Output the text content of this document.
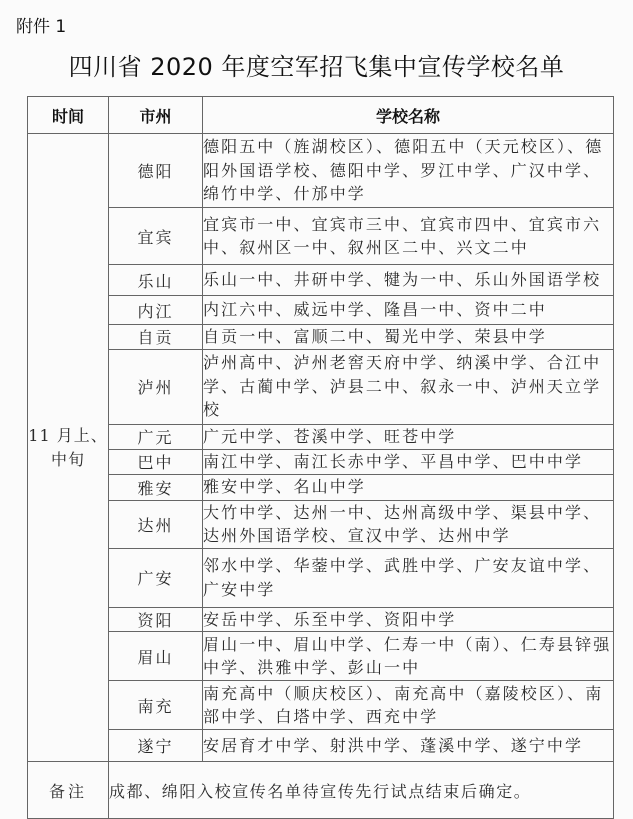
附件 1
四川省 2020 年度空军招飞集中宣传学校名单
时间	市州	学校名称
11 月上、中旬	德阳	德阳五中（旌湖校区）、德阳五中（天元校区）、德阳外国语学校、德阳中学、罗江中学、广汉中学、绵竹中学、什邡中学
	宜宾	宜宾市一中、宜宾市三中、宜宾市四中、宜宾市六中、叙州区一中、叙州区二中、兴文二中
	乐山	乐山一中、井研中学、犍为一中、乐山外国语学校
	内江	内江六中、威远中学、隆昌一中、资中二中
	自贡	自贡一中、富顺二中、蜀光中学、荣县中学
	泸州	泸州高中、泸州老窖天府中学、纳溪中学、合江中学、古蔺中学、泸县二中、叙永一中、泸州天立学校
	广元	广元中学、苍溪中学、旺苍中学
	巴中	南江中学、南江长赤中学、平昌中学、巴中中学
	雅安	雅安中学、名山中学
	达州	大竹中学、达州一中、达州高级中学、渠县中学、达州外国语学校、宣汉中学、达州中学
	广安	邻水中学、华蓥中学、武胜中学、广安友谊中学、广安中学
	资阳	安岳中学、乐至中学、资阳中学
	眉山	眉山一中、眉山中学、仁寿一中（南）、仁寿县锌强中学、洪雅中学、彭山一中
	南充	南充高中（顺庆校区）、南充高中（嘉陵校区）、南部中学、白塔中学、西充中学
	遂宁	安居育才中学、射洪中学、蓬溪中学、遂宁中学
备注	成都、绵阳入校宣传名单待宣传先行试点结束后确定。	
